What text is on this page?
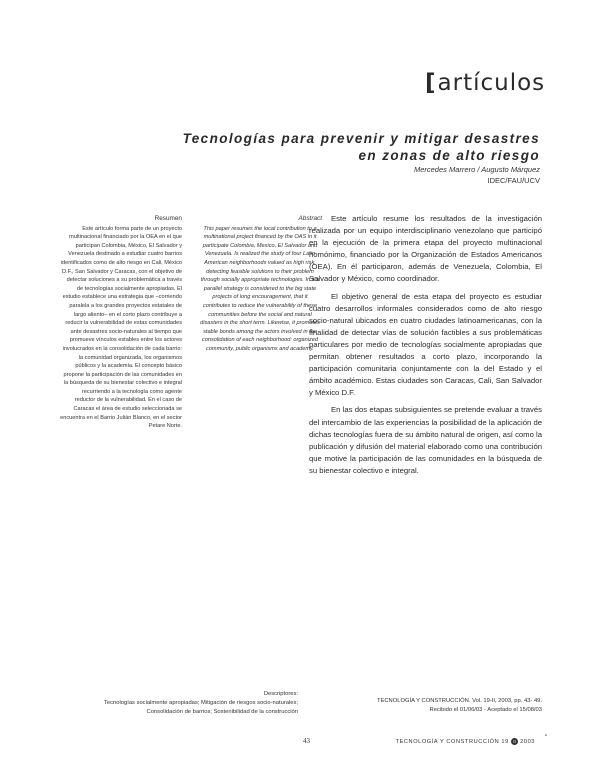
[artículos
Tecnologías para prevenir y mitigar desastres
en zonas de alto riesgo
Mercedes Marrero / Augusto Márquez
IDEC/FAU/UCV
Resumen
Este artículo forma parte de un proyecto multinacional financiado por la OEA en el que participan Colombia, México, El Salvador y Venezuela destinado a estudiar cuatro barrios identificados como de alto riesgo en Cali, México D.F., San Salvador y Caracas, con el objetivo de detectar soluciones a su problemática a través de tecnologías socialmente apropiadas. El estudio establece una estrategia que –corriendo paralela a los grandes proyectos estatales de largo aliento– en el corto plazo contribuye a reducir la vulnerabilidad de estas comunidades ante desastres socio-naturales al tiempo que promueve vínculos estables entre los actores involucrados en la consolidación de cada barrio: la comunidad organizada, los organismos públicos y la academia. El concepto básico propone la participación de las comunidades en la búsqueda de su bienestar colectivo e integral recurriendo a la tecnología como agente reductor de la vulnerabilidad. En el caso de Caracas el área de estudio seleccionada se encuentra en el Barrio Julián Blanco, en el sector Petare Norte.
Abstract
This paper resumes the local contribution to a multinational project financed by the OAS in it participate Colombia, Mexico, El Salvador and Venezuela. Is realized the study of four Latin American neighborhoods valued as high risk, detecting feasible solutions to their problem through socially appropriate technologies. In it a parallel strategy is considered to the big state projects of long encouragement, that it contributes to reduce the vulnerability of these communities before the social and natural disasters in the short term. Likewise, it promotes stable bonds among the actors involved in the consolidation of each neighborhood: organized community, public organisms and academy.

Este artículo resume los resultados de la investigación realizada por un equipo interdisciplinario venezolano que participó en la ejecución de la primera etapa del proyecto multinacional homónimo, financiado por la Organización de Estados Americanos (OEA). En él participaron, además de Venezuela, Colombia, El Salvador y México, como coordinador.

El objetivo general de esta etapa del proyecto es estudiar cuatro desarrollos informales considerados como de alto riesgo socio-natural ubicados en cuatro ciudades latinoamericanas, con la finalidad de detectar vías de solución factibles a sus problemáticas particulares por medio de tecnologías socialmente apropiadas que permitan obtener resultados a corto plazo, incorporando la participación comunitaria conjuntamente con la del Estado y el ámbito académico. Estas ciudades son Caracas, Cali, San Salvador y México D.F.

En las dos etapas subsiguientes se pretende evaluar a través del intercambio de las experiencias la posibilidad de la aplicación de dichas tecnologías fuera de su ámbito natural de origen, así como la publicación y difusión del material elaborado como una contribución que motive la participación de las comunidades en la búsqueda de su bienestar colectivo e integral.

Descriptores:
Tecnologías socialmente apropiadas; Mitigación de riesgos socio-naturales;
Consolidación de barrios; Sostenibilidad de la construcción
TECNOLOGÍA Y CONSTRUCCIÓN. Vol. 19-II, 2003, pp. 43- 49.
Recibido el 01/06/03 - Aceptado el 15/08/03
43	TECNOLOGÍA Y CONSTRUCCIÓN 19 II 2003
ʻ
